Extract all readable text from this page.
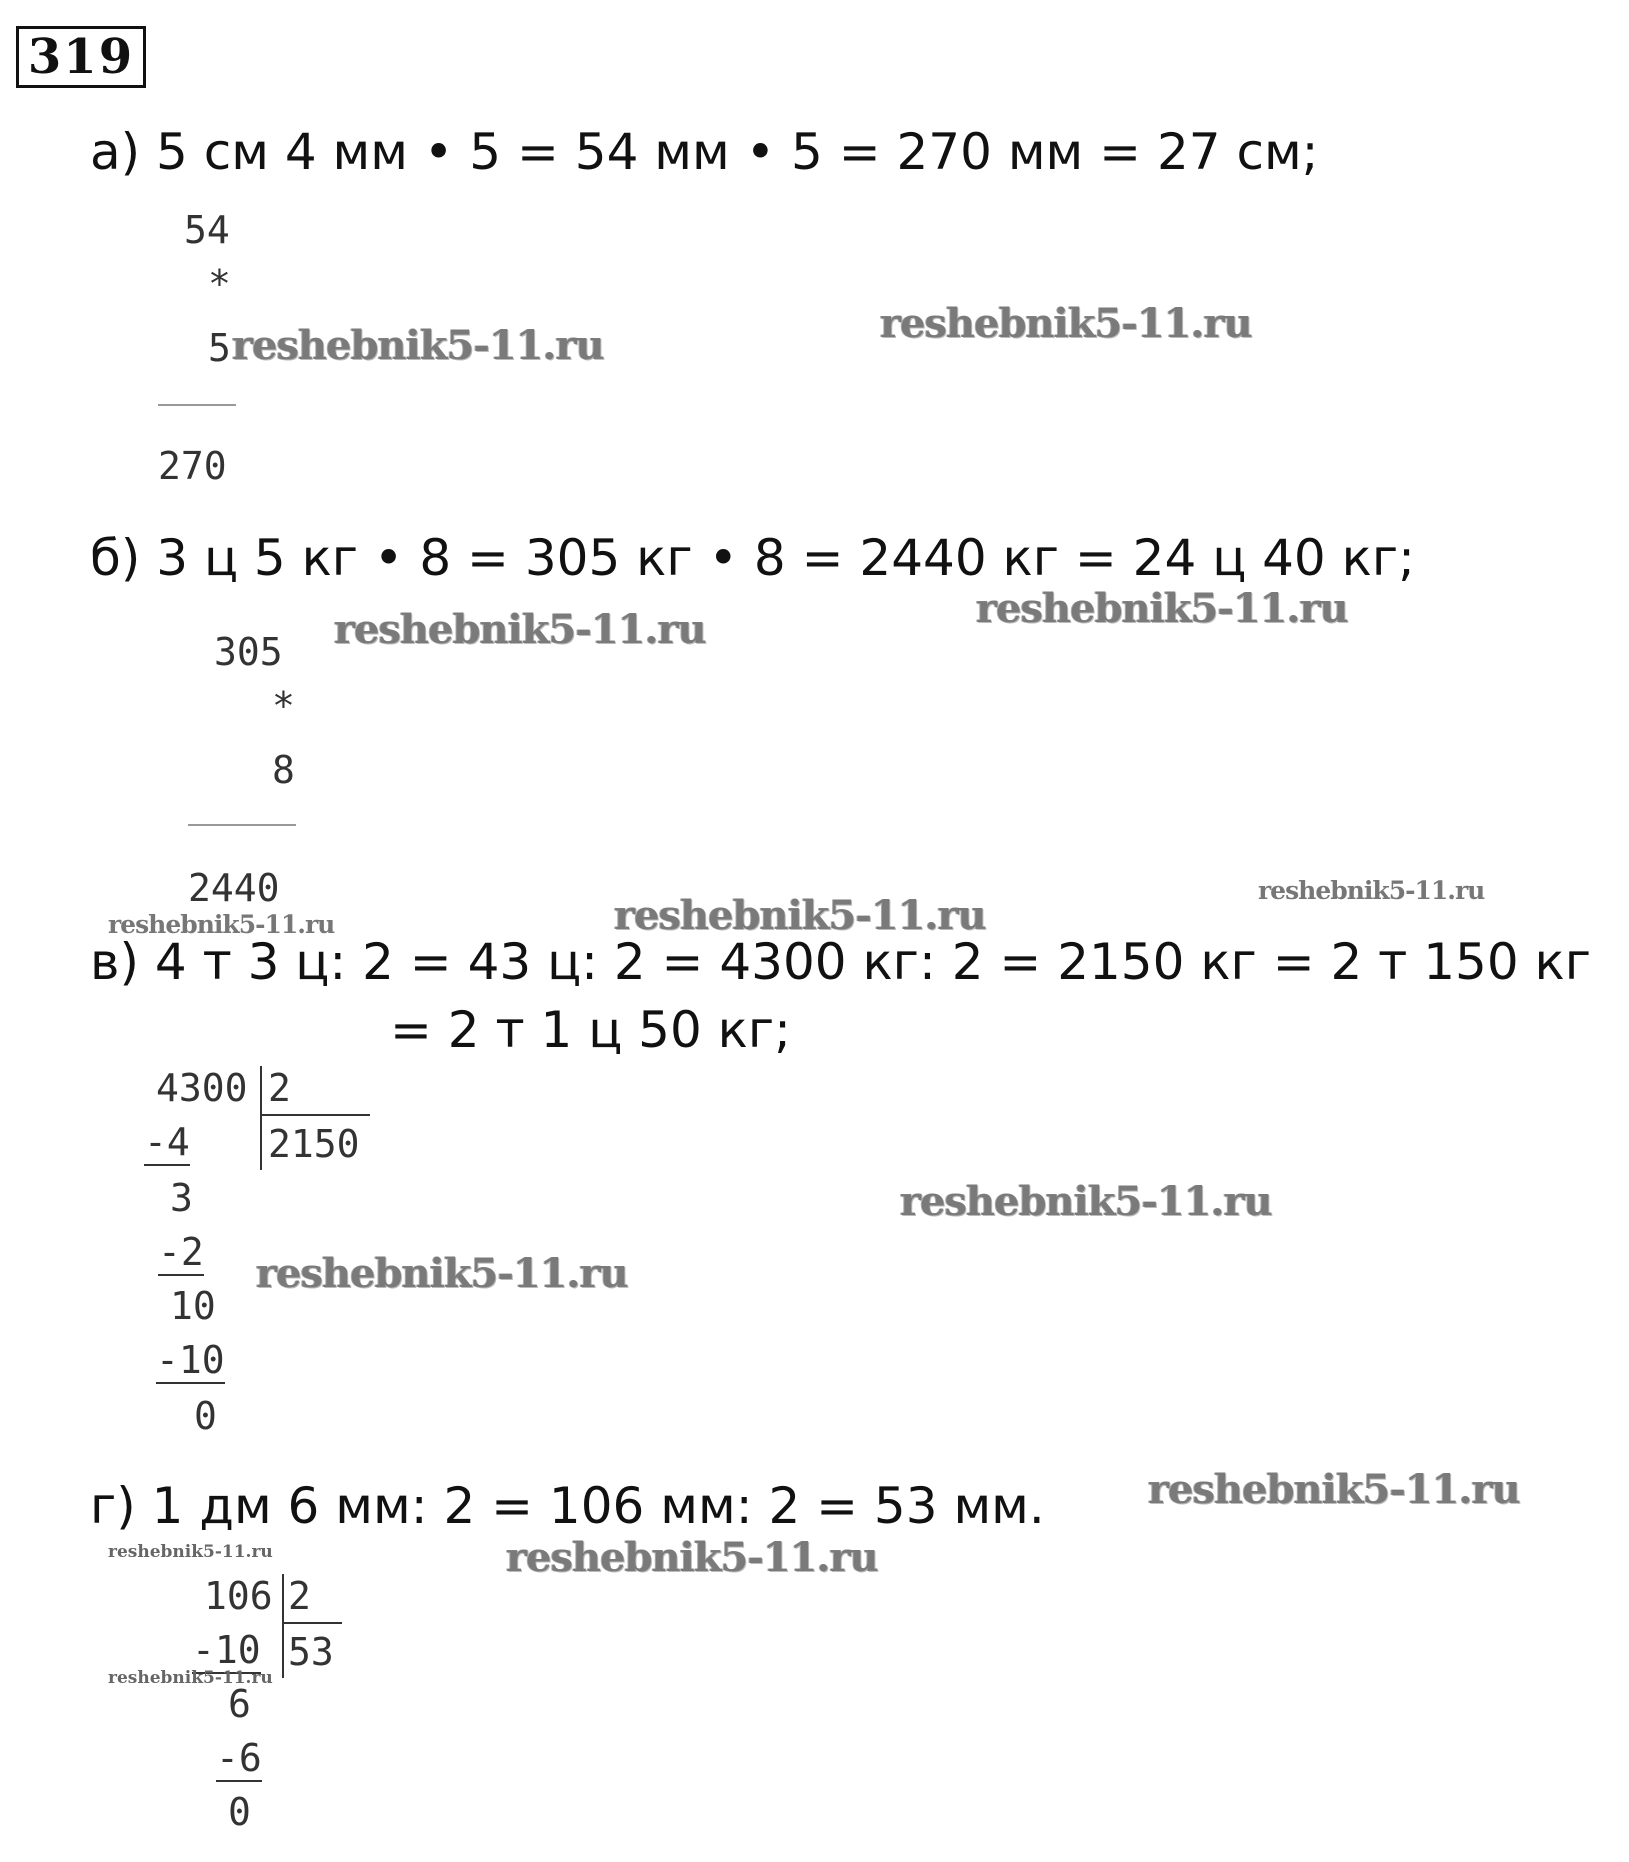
319
а) 5 см 4 мм • 5 = 54 мм • 5 = 270 мм = 27 см;
54
*
5 reshebnik5-11.ru	reshebnik5-11.ru
270
б) 3 ц 5 кг • 8 = 305 кг • 8 = 2440 кг = 24 ц 40 кг;
reshebnik5-11.ru
305 reshebnik5-11.ru
*
8
2440
reshebnik5-11.ru	reshebnik5-11.ru
reshebnik5-11.ru
в) 4 т 3 ц: 2 = 43 ц: 2 = 4300 кг: 2 = 2150 кг = 2 т 150 кг
= 2 т 1 ц 50 кг;
4300 2
2150
-4
3
-2
10
-10
0
reshebnik5-11.ru
reshebnik5-11.ru
г) 1 дм 6 мм: 2 = 106 мм: 2 = 53 мм.	reshebnik5-11.ru
reshebnik5-11.ru	reshebnik5-11.ru
106 2
53
-10
reshebnik5-11.ru
6
-6
0
